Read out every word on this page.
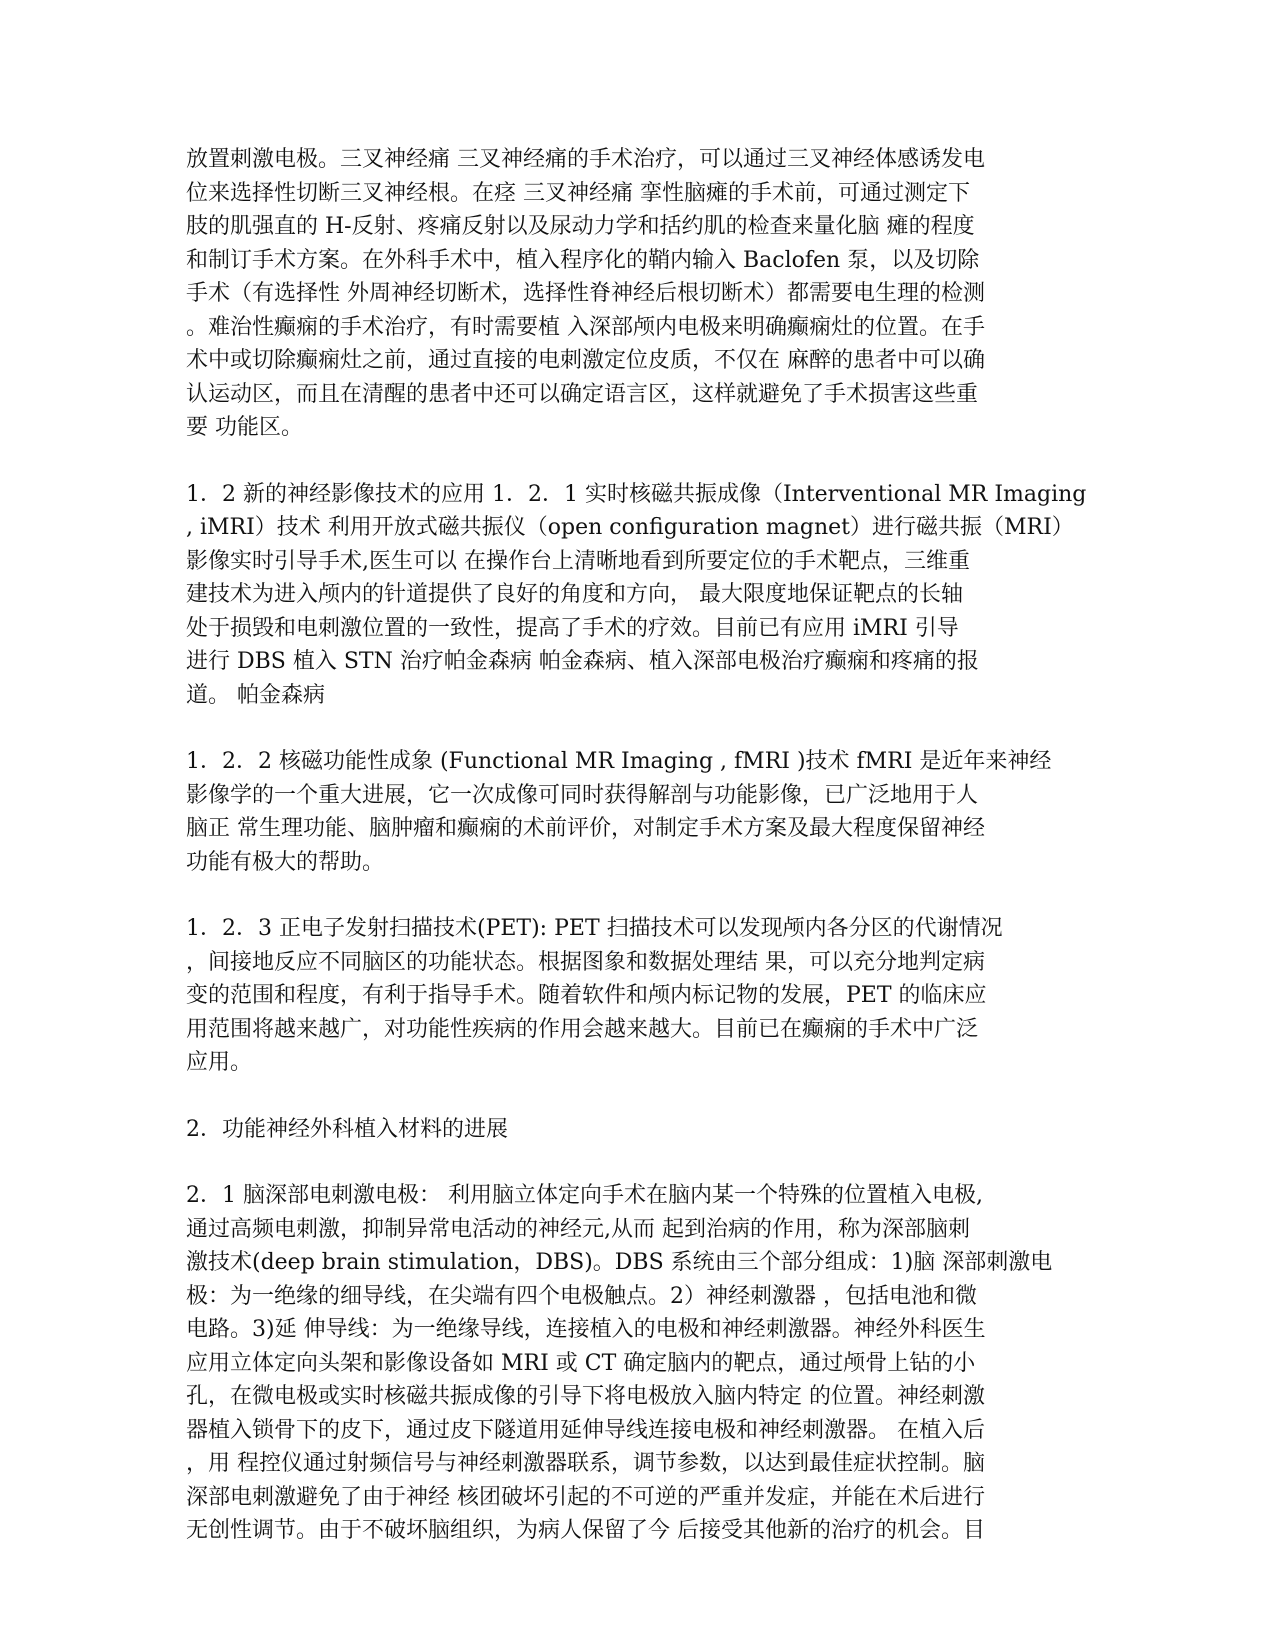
放置刺激电极。三叉神经痛 三叉神经痛的手术治疗，可以通过三叉神经体感诱发电
位来选择性切断三叉神经根。在痉 三叉神经痛 挛性脑瘫的手术前，可通过测定下
肢的肌强直的 H-反射、疼痛反射以及尿动力学和括约肌的检查来量化脑 瘫的程度
和制订手术方案。在外科手术中，植入程序化的鞘内输入 Baclofen 泵，以及切除
手术（有选择性 外周神经切断术，选择性脊神经后根切断术）都需要电生理的检测
。难治性癫痫的手术治疗，有时需要植 入深部颅内电极来明确癫痫灶的位置。在手
术中或切除癫痫灶之前，通过直接的电刺激定位皮质，不仅在 麻醉的患者中可以确
认运动区，而且在清醒的患者中还可以确定语言区，这样就避免了手术损害这些重
要 功能区。
1．2 新的神经影像技术的应用 1．2．1 实时核磁共振成像（Interventional MR Imaging
, iMRI）技术 利用开放式磁共振仪（open configuration magnet）进行磁共振（MRI）
影像实时引导手术,医生可以 在操作台上清晰地看到所要定位的手术靶点，三维重
建技术为进入颅内的针道提供了良好的角度和方向， 最大限度地保证靶点的长轴
处于损毁和电刺激位置的一致性，提高了手术的疗效。目前已有应用 iMRI 引导
进行 DBS 植入 STN 治疗帕金森病 帕金森病、植入深部电极治疗癫痫和疼痛的报
道。 帕金森病
1．2．2 核磁功能性成象 (Functional MR Imaging , fMRI )技术 fMRI 是近年来神经
影像学的一个重大进展，它一次成像可同时获得解剖与功能影像，已广泛地用于人
脑正 常生理功能、脑肿瘤和癫痫的术前评价，对制定手术方案及最大程度保留神经
功能有极大的帮助。
1．2．3 正电子发射扫描技术(PET): PET 扫描技术可以发现颅内各分区的代谢情况
，间接地反应不同脑区的功能状态。根据图象和数据处理结 果，可以充分地判定病
变的范围和程度，有利于指导手术。随着软件和颅内标记物的发展，PET 的临床应
用范围将越来越广，对功能性疾病的作用会越来越大。目前已在癫痫的手术中广泛
应用。
2．功能神经外科植入材料的进展
2．1 脑深部电刺激电极： 利用脑立体定向手术在脑内某一个特殊的位置植入电极,
通过高频电刺激，抑制异常电活动的神经元,从而 起到治病的作用，称为深部脑刺
激技术(deep brain stimulation，DBS)。DBS 系统由三个部分组成：1)脑 深部刺激电
极：为一绝缘的细导线，在尖端有四个电极触点。2）神经刺激器 ，包括电池和微
电路。3)延 伸导线：为一绝缘导线，连接植入的电极和神经刺激器。神经外科医生
应用立体定向头架和影像设备如 MRI 或 CT 确定脑内的靶点，通过颅骨上钻的小
孔，在微电极或实时核磁共振成像的引导下将电极放入脑内特定 的位置。神经刺激
器植入锁骨下的皮下，通过皮下隧道用延伸导线连接电极和神经刺激器。 在植入后
，用 程控仪通过射频信号与神经刺激器联系，调节参数，以达到最佳症状控制。脑
深部电刺激避免了由于神经 核团破坏引起的不可逆的严重并发症，并能在术后进行
无创性调节。由于不破坏脑组织，为病人保留了今 后接受其他新的治疗的机会。目
